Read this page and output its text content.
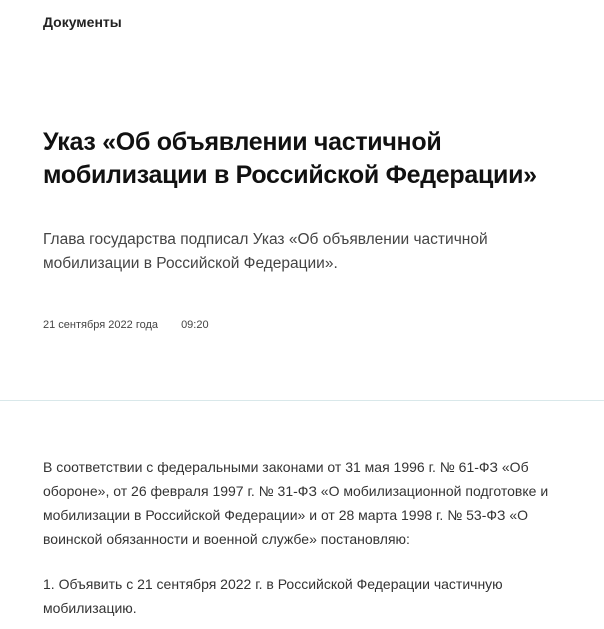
Документы
Указ «Об объявлении частичной мобилизации в Российской Федерации»

Глава государства подписал Указ «Об объявлении частичной мобилизации в Российской Федерации».

21 сентября 2022 года 09:20

В соответствии с федеральными законами от 31 мая 1996 г. № 61-ФЗ «Об обороне», от 26 февраля 1997 г. № 31-ФЗ «О мобилизационной подготовке и мобилизации в Российской Федерации» и от 28 марта 1998 г. № 53-ФЗ «О воинской обязанности и военной службе» постановляю:

1. Объявить с 21 сентября 2022 г. в Российской Федерации частичную мобилизацию.
